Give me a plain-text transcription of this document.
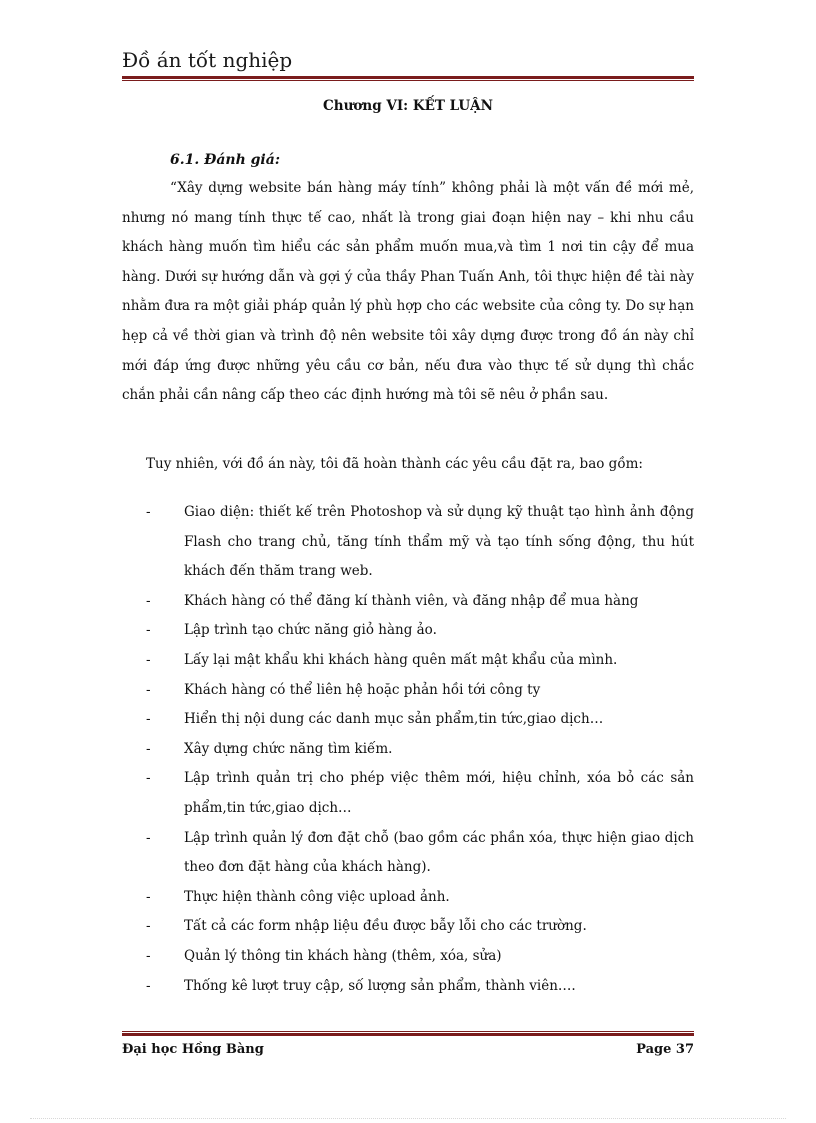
Đồ án tốt nghiệp
Chương VI: KẾT LUẬN
6.1. Đánh giá:

“Xây dựng website bán hàng máy tính” không phải là một vấn đề mới mẻ, nhưng nó mang tính thực tế cao, nhất là trong giai đoạn hiện nay – khi nhu cầu khách hàng muốn tìm hiểu các sản phẩm muốn mua,và tìm 1 nơi tin cậy để mua hàng. Dưới sự hướng dẫn và gợi ý của thầy Phan Tuấn Anh, tôi thực hiện đề tài này nhằm đưa ra một giải pháp quản lý phù hợp cho các website của công ty. Do sự hạn hẹp cả về thời gian và trình độ nên website tôi xây dựng được trong đồ án này chỉ mới đáp ứng được những yêu cầu cơ bản, nếu đưa vào thực tế sử dụng thì chắc chắn phải cần nâng cấp theo các định hướng mà tôi sẽ nêu ở phần sau.

Tuy nhiên, với đồ án này, tôi đã hoàn thành các yêu cầu đặt ra, bao gồm:

- Giao diện: thiết kế trên Photoshop và sử dụng kỹ thuật tạo hình ảnh động Flash cho trang chủ, tăng tính thẩm mỹ và tạo tính sống động, thu hút khách đến thăm trang web.
- Khách hàng có thể đăng kí thành viên, và đăng nhập để mua hàng
- Lập trình tạo chức năng giỏ hàng ảo.
- Lấy lại mật khẩu khi khách hàng quên mất mật khẩu của mình.
- Khách hàng có thể liên hệ hoặc phản hồi tới công ty
- Hiển thị nội dung các danh mục sản phẩm,tin tức,giao dịch…
- Xây dựng chức năng tìm kiếm.
- Lập trình quản trị cho phép việc thêm mới, hiệu chỉnh, xóa bỏ các sản phẩm,tin tức,giao dịch…
- Lập trình quản lý đơn đặt chỗ (bao gồm các phần xóa, thực hiện giao dịch theo đơn đặt hàng của khách hàng).
- Thực hiện thành công việc upload ảnh.
- Tất cả các form nhập liệu đều được bẫy lỗi cho các trường.
- Quản lý thông tin khách hàng (thêm, xóa, sửa)
- Thống kê lượt truy cập, số lượng sản phẩm, thành viên….
Đại học Hồng Bàng	Page 37
